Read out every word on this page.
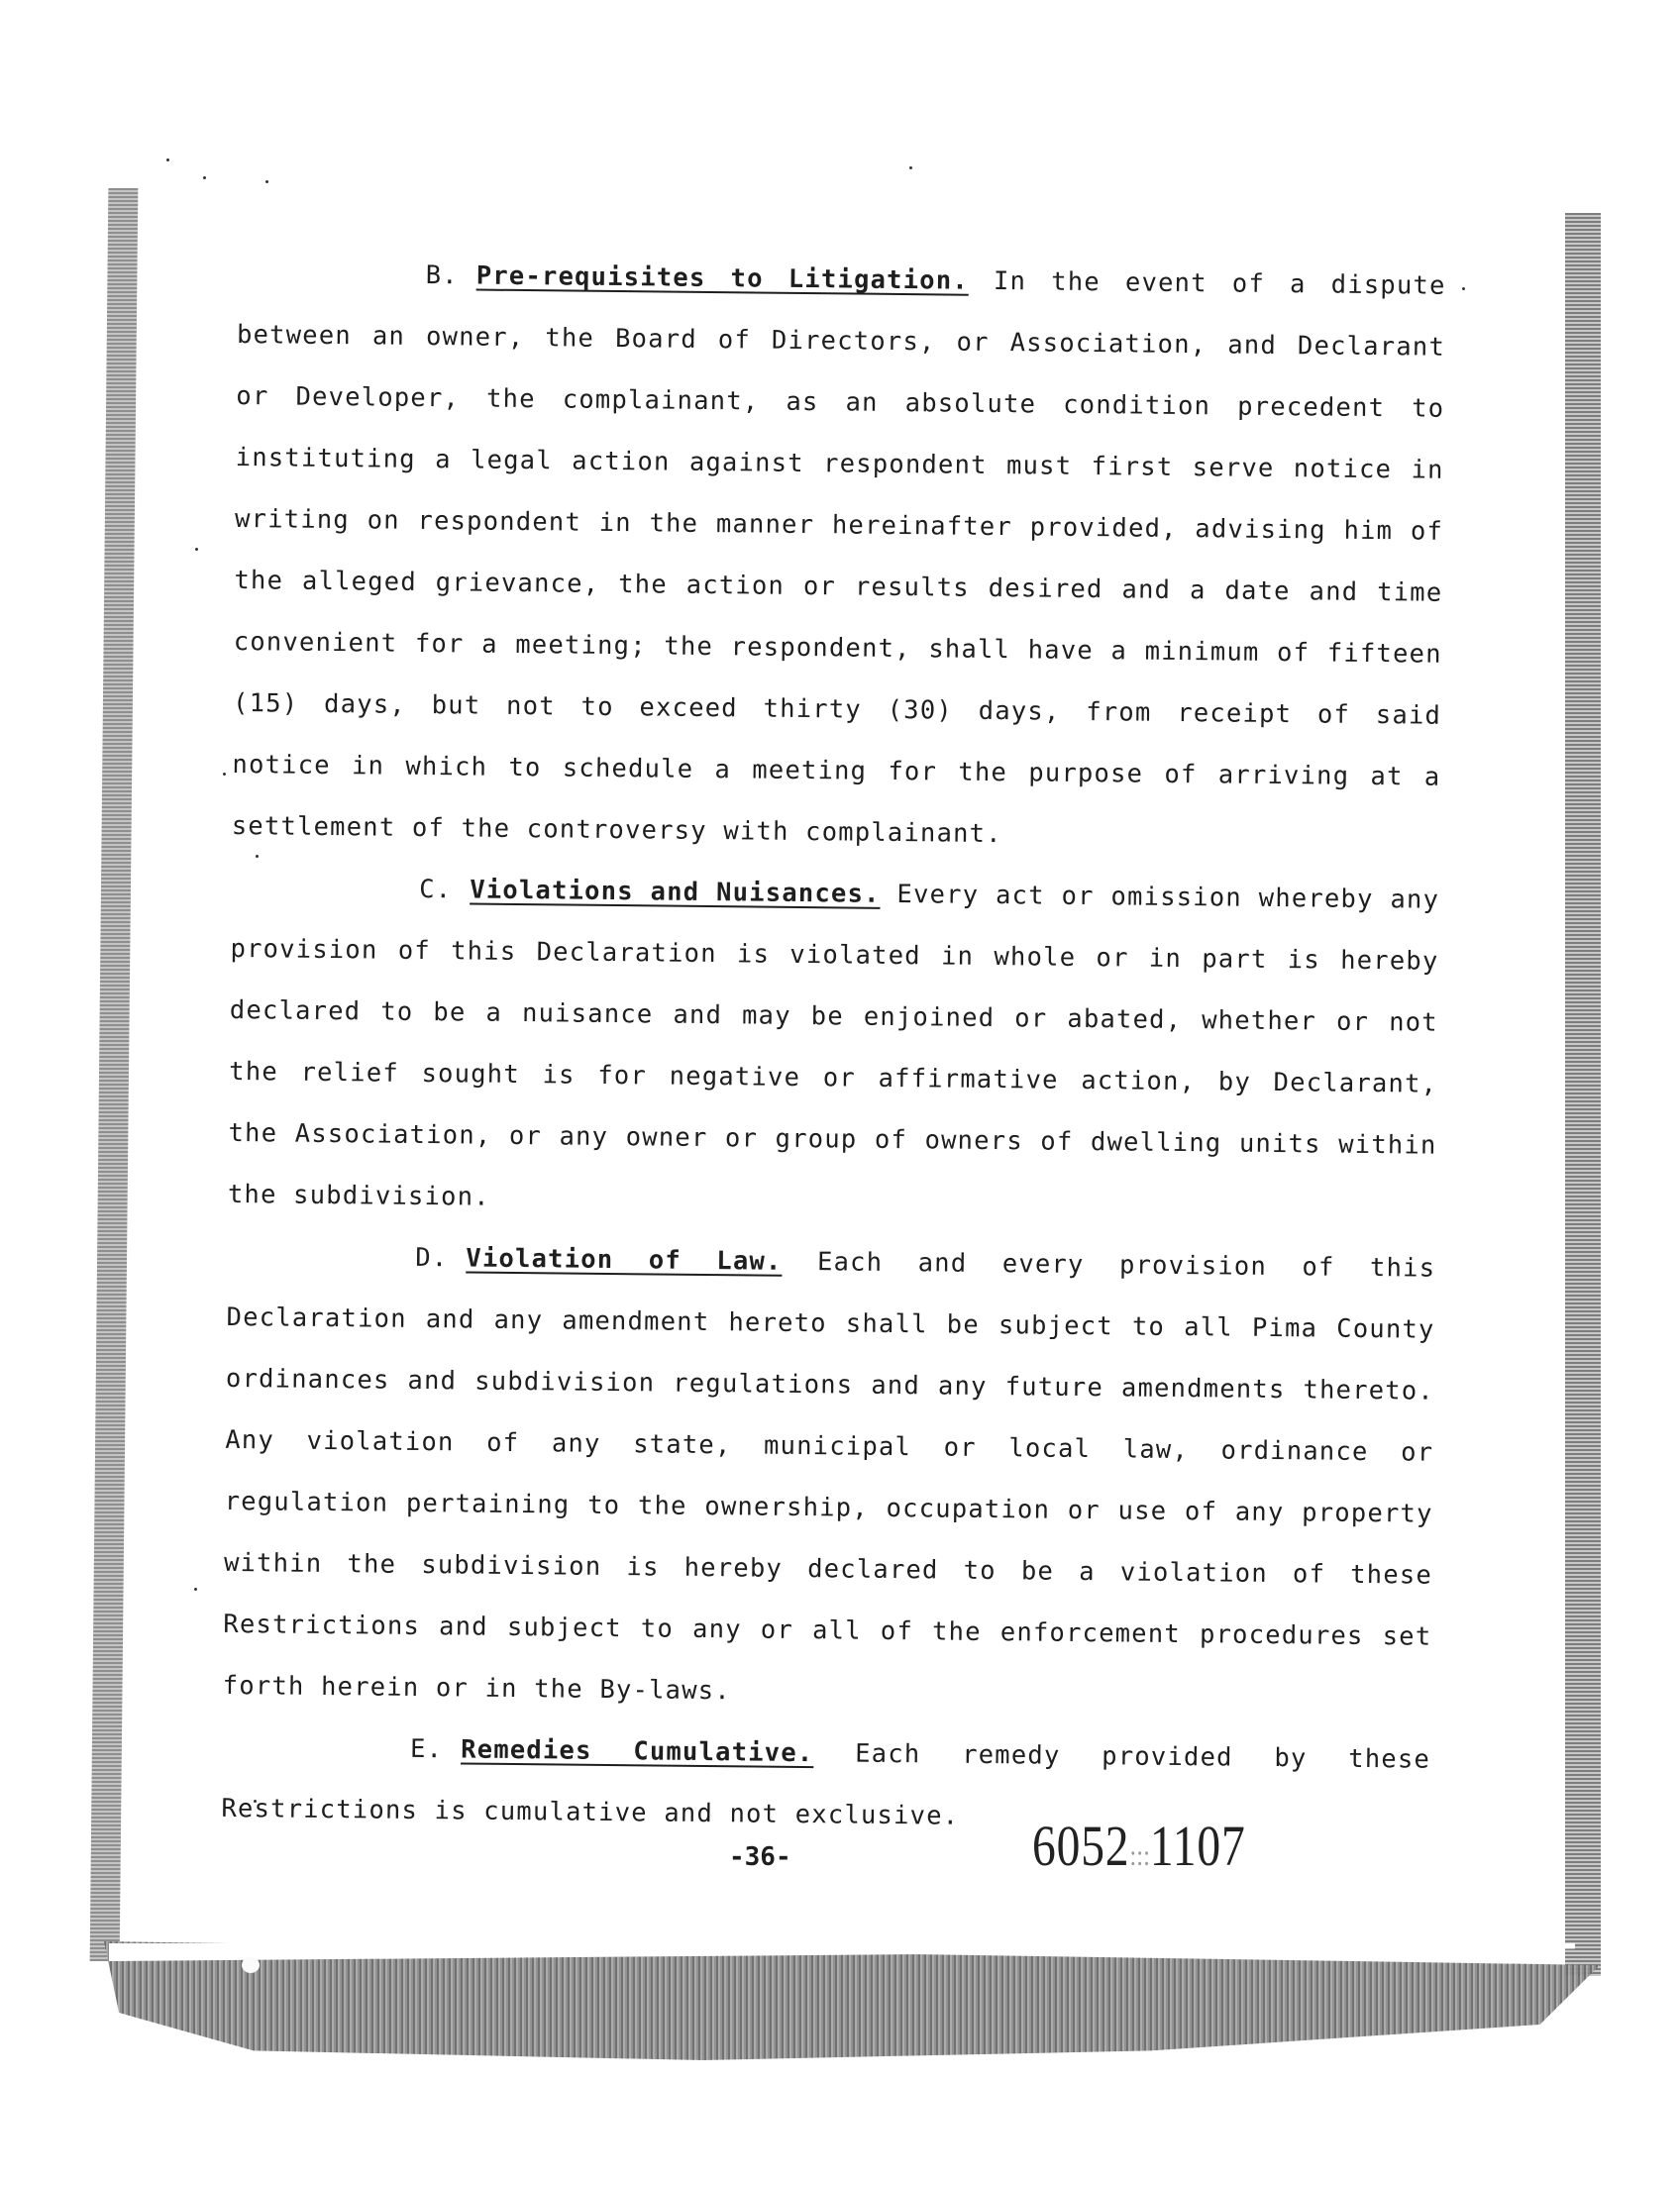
B. Pre-requisites to Litigation. In the event of a dispute between an owner, the Board of Directors, or Association, and Declarant or Developer, the complainant, as an absolute condition precedent to instituting a legal action against respondent must first serve notice in writing on respondent in the manner hereinafter provided, advising him of the alleged grievance, the action or results desired and a date and time convenient for a meeting; the respondent, shall have a minimum of fifteen (15) days, but not to exceed thirty (30) days, from receipt of said notice in which to schedule a meeting for the purpose of arriving at a settlement of the controversy with complainant.

C. Violations and Nuisances. Every act or omission whereby any provision of this Declaration is violated in whole or in part is hereby declared to be a nuisance and may be enjoined or abated, whether or not the relief sought is for negative or affirmative action, by Declarant, the Association, or any owner or group of owners of dwelling units within the subdivision.

D. Violation of Law. Each and every provision of this Declaration and any amendment hereto shall be subject to all Pima County ordinances and subdivision regulations and any future amendments thereto. Any violation of any state, municipal or local law, ordinance or regulation pertaining to the ownership, occupation or use of any property within the subdivision is hereby declared to be a violation of these Restrictions and subject to any or all of the enforcement procedures set forth herein or in the By-laws.

E. Remedies Cumulative. Each remedy provided by these Restrictions is cumulative and not exclusive.

-36-	6052:::1107
